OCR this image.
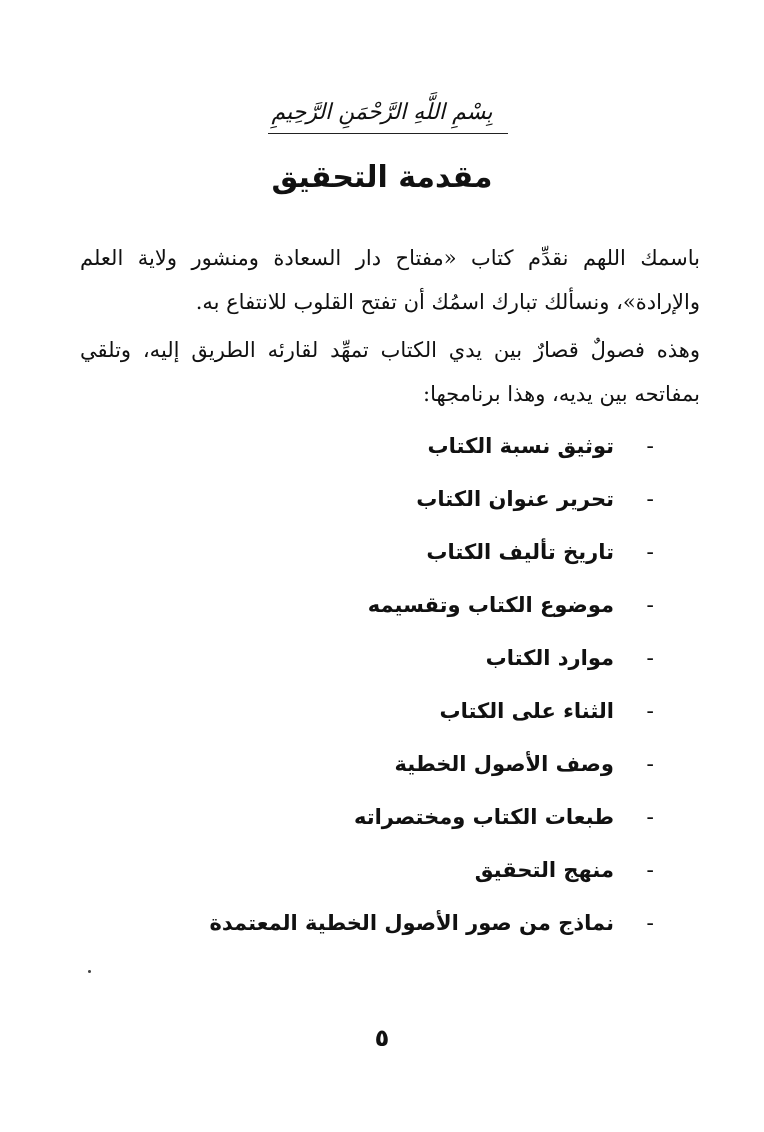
بِسْمِ اللَّهِ الرَّحْمَنِ الرَّحِيمِ
مقدمة التحقيق
باسمك اللهم نقدِّم كتاب «مفتاح دار السعادة ومنشور ولاية العلم
والإرادة»، ونسألك تبارك اسمُك أن تفتح القلوب للانتفاع به.
وهذه فصولٌ قصارٌ بين يدي الكتاب تمهِّد لقارئه الطريق إليه، وتلقي
بمفاتحه بين يديه، وهذا برنامجها:
-توثيق نسبة الكتاب
-تحرير عنوان الكتاب
-تاريخ تأليف الكتاب
-موضوع الكتاب وتقسيمه
-موارد الكتاب
-الثناء على الكتاب
-وصف الأصول الخطية
-طبعات الكتاب ومختصراته
-منهج التحقيق
-نماذج من صور الأصول الخطية المعتمدة
٥
